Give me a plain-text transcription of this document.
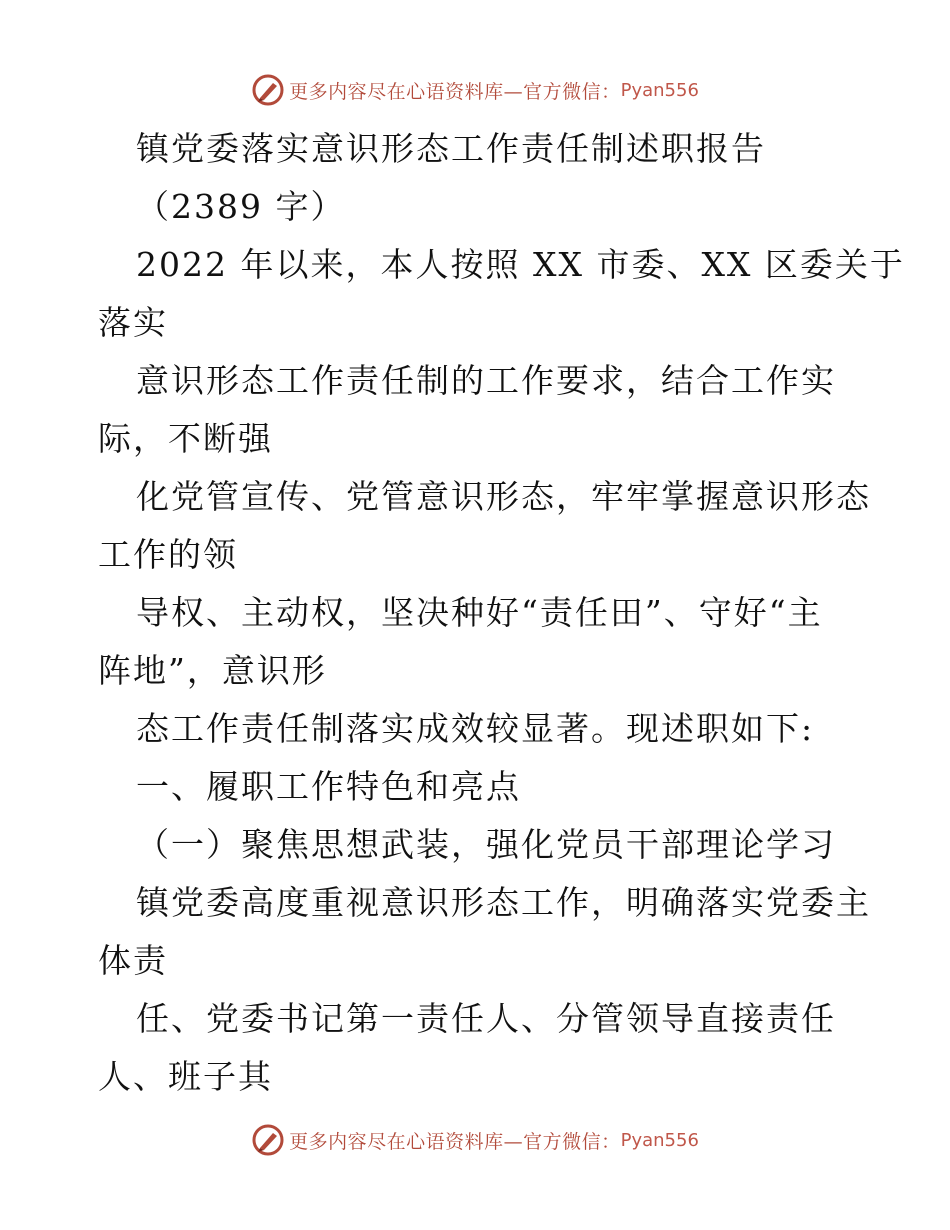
更多内容尽在心语资料库—官方微信： Pyan556
镇党委落实意识形态工作责任制述职报告
（2389 字）
2022 年以来，本人按照 XX 市委、XX 区委关于
落实
意识形态工作责任制的工作要求，结合工作实
际，不断强
化党管宣传、党管意识形态，牢牢掌握意识形态
工作的领
导权、主动权，坚决种好“责任田”、守好“主
阵地”，意识形
态工作责任制落实成效较显著。现述职如下:
一、履职工作特色和亮点
（一）聚焦思想武装，强化党员干部理论学习
镇党委高度重视意识形态工作，明确落实党委主
体责
任、党委书记第一责任人、分管领导直接责任
人、班子其
更多内容尽在心语资料库—官方微信： Pyan556
